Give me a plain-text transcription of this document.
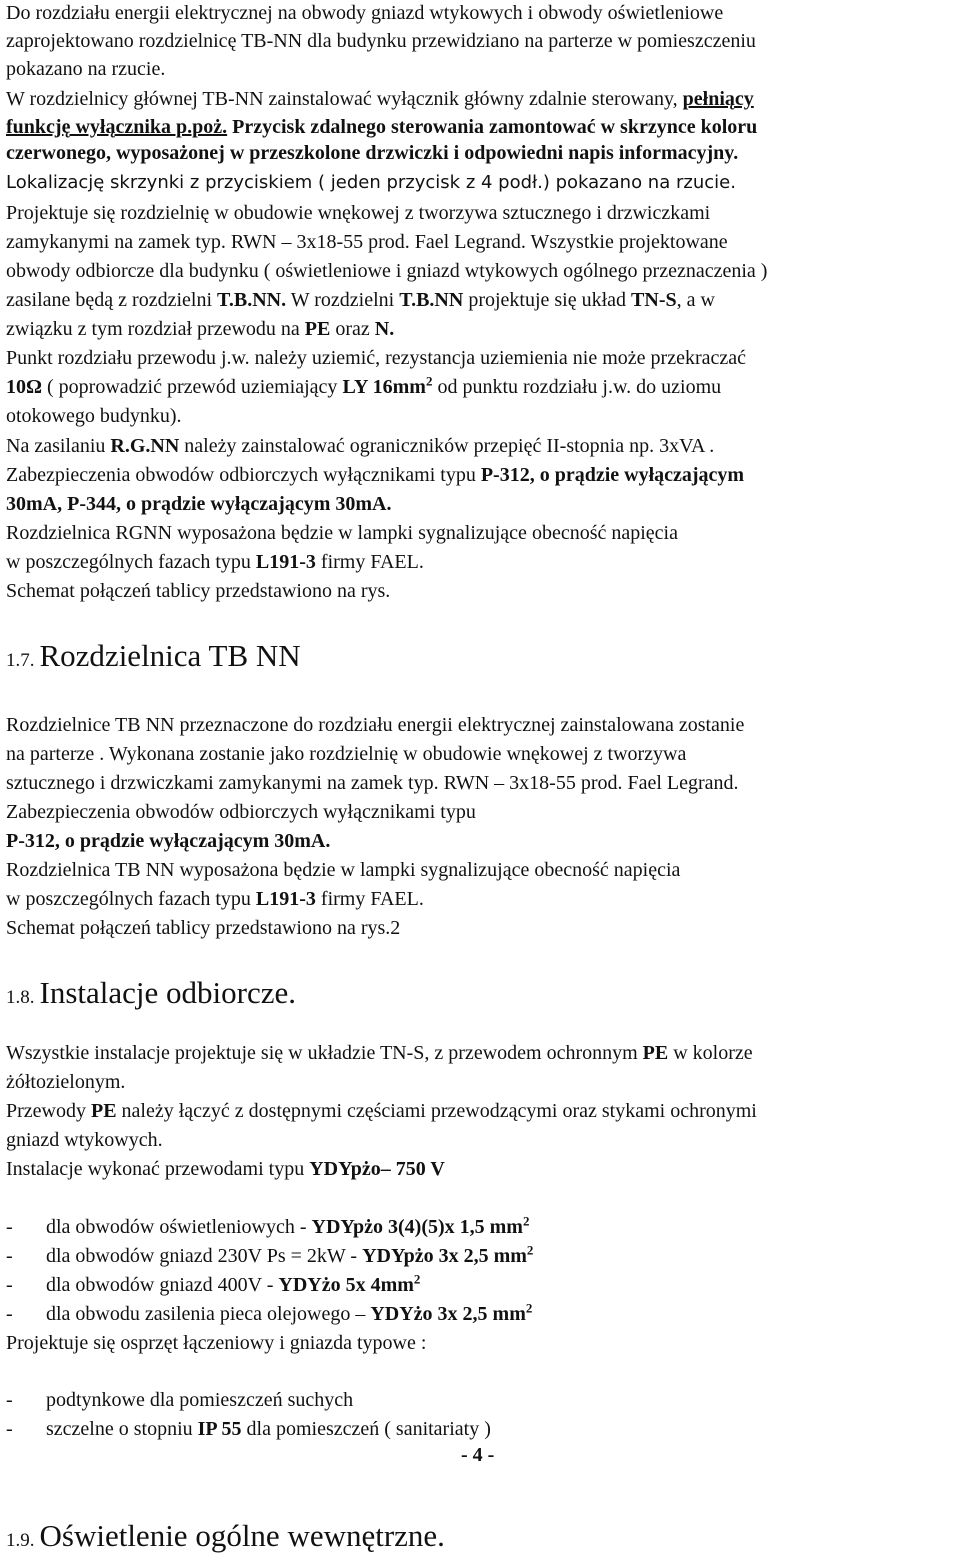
Do rozdziału energii elektrycznej na obwody gniazd wtykowych i obwody oświetleniowe
zaprojektowano rozdzielnicę TB-NN dla budynku przewidziano na parterze w pomieszczeniu
pokazano na rzucie.
W rozdzielnicy głównej TB-NN zainstalować wyłącznik główny zdalnie sterowany, pełniący
funkcję wyłącznika p.poż. Przycisk zdalnego sterowania zamontować w skrzynce koloru
czerwonego, wyposażonej w przeszkolone drzwiczki i odpowiedni napis informacyjny.
Lokalizację skrzynki z przyciskiem ( jeden przycisk z 4 podł.) pokazano na rzucie.
Projektuje się rozdzielnię w obudowie wnękowej z tworzywa sztucznego i drzwiczkami
zamykanymi na zamek typ. RWN – 3x18-55 prod. Fael Legrand. Wszystkie projektowane
obwody odbiorcze dla budynku ( oświetleniowe i gniazd wtykowych ogólnego przeznaczenia )
zasilane będą z rozdzielni T.B.NN. W rozdzielni T.B.NN projektuje się układ TN-S, a w
związku z tym rozdział przewodu na PE oraz N.
Punkt rozdziału przewodu j.w. należy uziemić, rezystancja uziemienia nie może przekraczać
10Ω ( poprowadzić przewód uziemiający LY $16mm^2$ od punktu rozdziału j.w. do uziomu
otokowego budynku).
Na zasilaniu R.G.NN należy zainstalować ograniczników przepięć II-stopnia np. 3xVA .
Zabezpieczenia obwodów odbiorczych wyłącznikami typu P-312, o prądzie wyłączającym
30mA, P-344, o prądzie wyłączającym 30mA.
Rozdzielnica RGNN wyposażona będzie w lampki sygnalizujące obecność napięcia
w poszczególnych fazach typu L191-3 firmy FAEL.
Schemat połączeń tablicy przedstawiono na rys.
1.7. Rozdzielnica TB NN
Rozdzielnice TB NN przeznaczone do rozdziału energii elektrycznej zainstalowana zostanie
na parterze . Wykonana zostanie jako rozdzielnię w obudowie wnękowej z tworzywa
sztucznego i drzwiczkami zamykanymi na zamek typ. RWN – 3x18-55 prod. Fael Legrand.
Zabezpieczenia obwodów odbiorczych wyłącznikami typu
P-312, o prądzie wyłączającym 30mA.
Rozdzielnica TB NN wyposażona będzie w lampki sygnalizujące obecność napięcia
w poszczególnych fazach typu L191-3 firmy FAEL.
Schemat połączeń tablicy przedstawiono na rys.2
1.8. Instalacje odbiorcze.
Wszystkie instalacje projektuje się w układzie TN-S, z przewodem ochronnym PE w kolorze
żółtozielonym.
Przewody PE należy łączyć z dostępnymi częściami przewodzącymi oraz stykami ochronymi
gniazd wtykowych.
Instalacje wykonać przewodami typu YDYpżo– 750 V
- dla obwodów oświetleniowych - YDYpżo 3(4)(5)x 1,5 $mm^2$
- dla obwodów gniazd 230V Ps = 2kW - YDYpżo 3x 2,5 $mm^2$
- dla obwodów gniazd 400V - YDYżo 5x $4mm^2$
- dla obwodu zasilenia pieca olejowego – YDYżo 3x 2,5 $mm^2$
Projektuje się osprzęt łączeniowy i gniazda typowe :
- podtynkowe dla pomieszczeń suchych
- szczelne o stopniu IP 55 dla pomieszczeń ( sanitariaty )
- 4 -
1.9. Oświetlenie ogólne wewnętrzne.
